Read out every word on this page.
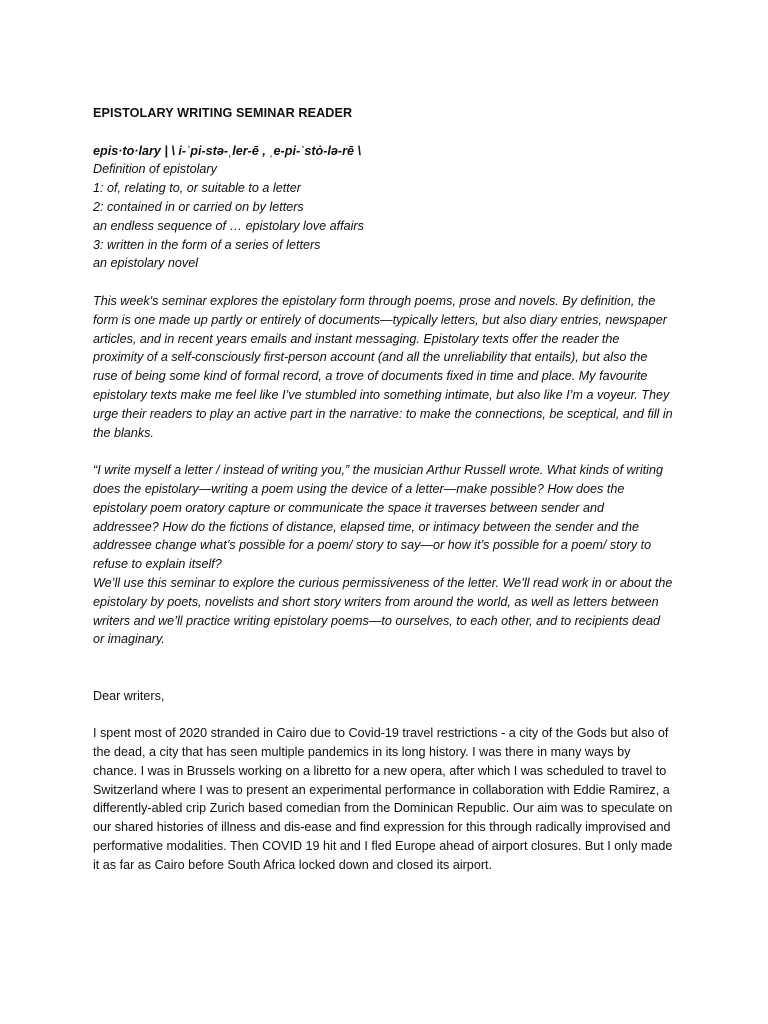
EPISTOLARY WRITING SEMINAR READER

epis·to·lary | \ i-ˈpi-stə-ˌler-ē , ˌe-pi-ˈstȯ-lə-rē \

Definition of epistolary

1: of, relating to, or suitable to a letter

2: contained in or carried on by letters

an endless sequence of … epistolary love affairs

3: written in the form of a series of letters

an epistolary novel

This week's seminar explores the epistolary form through poems, prose and novels. By definition, the form is one made up partly or entirely of documents—typically letters, but also diary entries, newspaper articles, and in recent years emails and instant messaging. Epistolary texts offer the reader the proximity of a self-consciously first-person account (and all the unreliability that entails), but also the ruse of being some kind of formal record, a trove of documents fixed in time and place. My favourite epistolary texts make me feel like I’ve stumbled into something intimate, but also like I’m a voyeur. They urge their readers to play an active part in the narrative: to make the connections, be sceptical, and fill in the blanks.

“I write myself a letter / instead of writing you,” the musician Arthur Russell wrote. What kinds of writing does the epistolary—writing a poem using the device of a letter—make possible? How does the epistolary poem oratory capture or communicate the space it traverses between sender and addressee? How do the fictions of distance, elapsed time, or intimacy between the sender and the addressee change what’s possible for a poem/ story to say—or how it’s possible for a poem/ story to refuse to explain itself?

We’ll use this seminar to explore the curious permissiveness of the letter. We’ll read work in or about the epistolary by poets, novelists and short story writers from around the world, as well as letters between writers and we’ll practice writing epistolary poems—to ourselves, to each other, and to recipients dead or imaginary.

Dear writers,

I spent most of 2020 stranded in Cairo due to Covid-19 travel restrictions - a city of the Gods but also of the dead, a city that has seen multiple pandemics in its long history. I was there in many ways by chance. I was in Brussels working on a libretto for a new opera, after which I was scheduled to travel to Switzerland where I was to present an experimental performance in collaboration with Eddie Ramirez, a differently-abled crip Zurich based comedian from the Dominican Republic. Our aim was to speculate on our shared histories of illness and dis-ease and find expression for this through radically improvised and performative modalities. Then COVID 19 hit and I fled Europe ahead of airport closures. But I only made it as far as Cairo before South Africa locked down and closed its airport.
